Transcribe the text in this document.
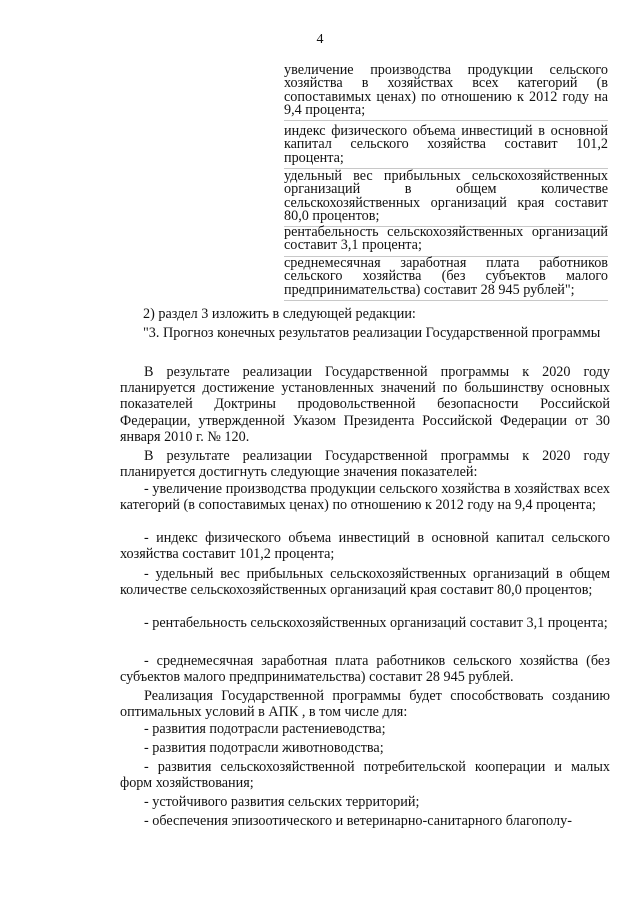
4
увеличение производства продукции сельского хозяйства в хозяйствах всех категорий (в сопоставимых ценах) по отношению к 2012 году на 9,4 процента;
индекс физического объема инвестиций в основной капитал сельского хозяйства составит 101,2 процента;
удельный вес прибыльных сельскохозяйственных организаций в общем количестве сельскохозяйственных организаций края составит 80,0 процентов;
рентабельность сельскохозяйственных организаций составит 3,1 процента;
среднемесячная заработная плата работников сельского хозяйства (без субъектов малого предпринимательства) составит 28 945 рублей";
2) раздел 3 изложить в следующей редакции:
"3. Прогноз конечных результатов реализации Государственной программы
В результате реализации Государственной программы к 2020 году планируется достижение установленных значений по большинству основных показателей Доктрины продовольственной безопасности Российской Федерации, утвержденной Указом Президента Российской Федерации от 30 января 2010 г. № 120.
В результате реализации Государственной программы к 2020 году планируется достигнуть следующие значения показателей:
- увеличение производства продукции сельского хозяйства в хозяйствах всех категорий (в сопоставимых ценах) по отношению к 2012 году на 9,4 процента;
- индекс физического объема инвестиций в основной капитал сельского хозяйства составит 101,2 процента;
- удельный вес прибыльных сельскохозяйственных организаций в общем количестве сельскохозяйственных организаций края составит 80,0 процентов;
- рентабельность сельскохозяйственных организаций составит 3,1 процента;
- среднемесячная заработная плата работников сельского хозяйства (без субъектов малого предпринимательства) составит 28 945 рублей.
Реализация Государственной программы будет способствовать созданию оптимальных условий в АПК , в том числе для:
- развития подотрасли растениеводства;
- развития подотрасли животноводства;
- развития сельскохозяйственной потребительской кооперации и малых форм хозяйствования;
- устойчивого развития сельских территорий;
- обеспечения эпизоотического и ветеринарно-санитарного благополу-
